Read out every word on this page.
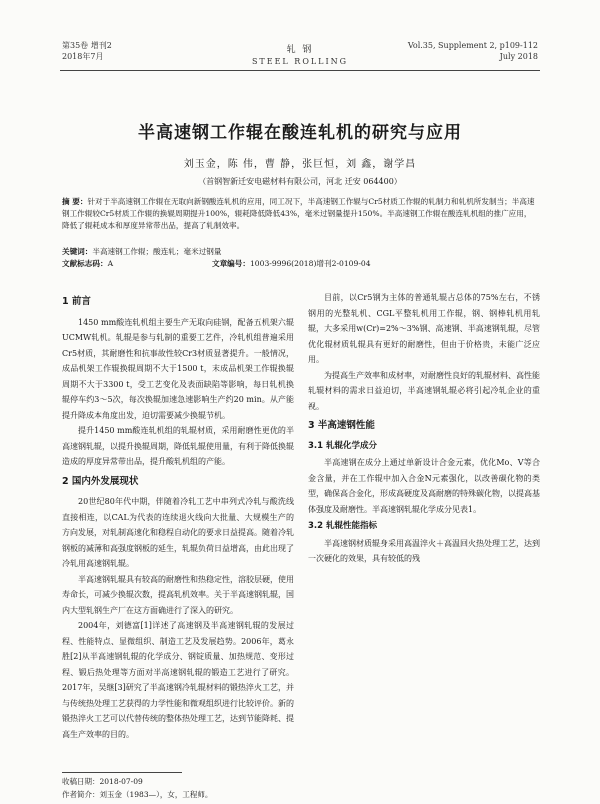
第35卷 增刊2
2018年7月
轧 钢
STEEL ROLLING
Vol.35, Supplement 2, p109-112
July 2018
半高速钢工作辊在酸连轧机的研究与应用
刘玉金，陈 伟，曹 静，张巨恒，刘 鑫，谢学昌
（首钢智新迁安电磁材料有限公司，河北 迁安 064400）
摘 要：针对于半高速钢工作辊在无取向新钢酸连轧机的应用，同工况下，半高速钢工作辊与Cr5材质工作辊的轧制力和轧机所发制当；半高速钢工作辊较Cr5材质工作辊的换辊周期提升100%，辊耗降低降低43%，毫米过钢量提升150%。半高速钢工作辊在酸连轧机组的推广应用，降低了辊耗成本和厚度异常带出品，提高了轧制效率。
关键词：半高速钢工作辊；酸连轧；毫米过钢量
文献标志码：A	文章编号：1003-9996(2018)增刊2-0109-04
1 前言

1450 mm酸连轧机组主要生产无取向硅钢，配备五机架六辊UCMW轧机。轧辊是参与轧制的重要工艺件，冷轧机组普遍采用Cr5材质，其耐磨性和抗事故性较Cr3材质显著提升。一般情况，成品机架工作辊换辊周期不大于1500 t，末成品机架工作辊换辊周期不大于3300 t，受工艺变化及表面缺陷等影响，每日轧机换辊停车约3～5次，每次换辊加速急速影响生产约20 min。从产能提升降成本角度出发，迫切需要减少换辊节机。

提升1450 mm酸连轧机组的轧辊材质，采用耐磨性更优的半高速钢轧辊，以提升换辊周期，降低轧辊使用量，有利于降低换辊造成的厚度异常带出品，提升酸轧机组的产能。

2 国内外发展现状

20世纪80年代中期，伴随着冷轧工艺中串列式冷轧与酸洗线直接相连，以CAL为代表的连续退火线向大批量、大规模生产的方向发展，对轧制高速化和稳程自动化的要求日益提高。随着冷轧钢板的减薄和高强度钢板的延生，轧辊负荷日益增高，由此出现了冷轧用高速钢轧辊。

半高速钢轧辊具有较高的耐磨性和热稳定性，溶胶层硬，使用寿命长，可减少换辊次数，提高轧机效率。关于半高速钢轧辊，国内大型轧钢生产厂在这方面确进行了深入的研究。

2004年，刘德富[1]详述了高速钢及半高速钢轧辊的发展过程、性能特点、显微组织、制造工艺及发展趋势。2006年，葛永胜[2]从半高速钢轧辊的化学成分、钢锭质量、加热规范、变形过程、锻后热处理等方面对半高速钢轧辊的锻造工艺进行了研究。2017年，吴继[3]研究了半高速钢冷轧辊材料的锻热淬火工艺，并与传统热处理工艺获得的力学性能和微观组织进行比较评价。新的锻热淬火工艺可以代替传统的整体热处理工艺，达到节能降耗、提高生产效率的目的。

目前，以Cr5钢为主体的普通轧辊占总体的75%左右，不锈钢用的光整轧机、CGL平整轧机用工作辊，钢、钢棒轧机用轧辊，大多采用w(Cr)=2%～3%钢、高速钢、半高速钢轧辊，尽管优化辊材质轧辊具有更好的耐磨性，但由于价格贵，未能广泛应用。

为提高生产效率和成材率，对耐磨性良好的轧辊材料、高性能轧辊材料的需求日益迫切，半高速钢轧辊必将引起冷轧企业的重视。

3 半高速钢性能
3.1 轧辊化学成分

半高速钢在成分上通过单新设计合金元素，优化Mo、V等合金含量，并在工作辊中加入合金N元素强化，以改善碳化物的类型，确保高合金化，形成高硬度及高耐磨的特殊碳化物，以提高基体强度及耐磨性。半高速钢轧辊化学成分见表1。

3.2 轧辊性能指标

半高速钢材质辊身采用高温淬火＋高温回火热处理工艺，达到一次硬化的效果，具有较低的残

收稿日期：2018-07-09
作者简介：刘玉金（1983—），女，工程师。
